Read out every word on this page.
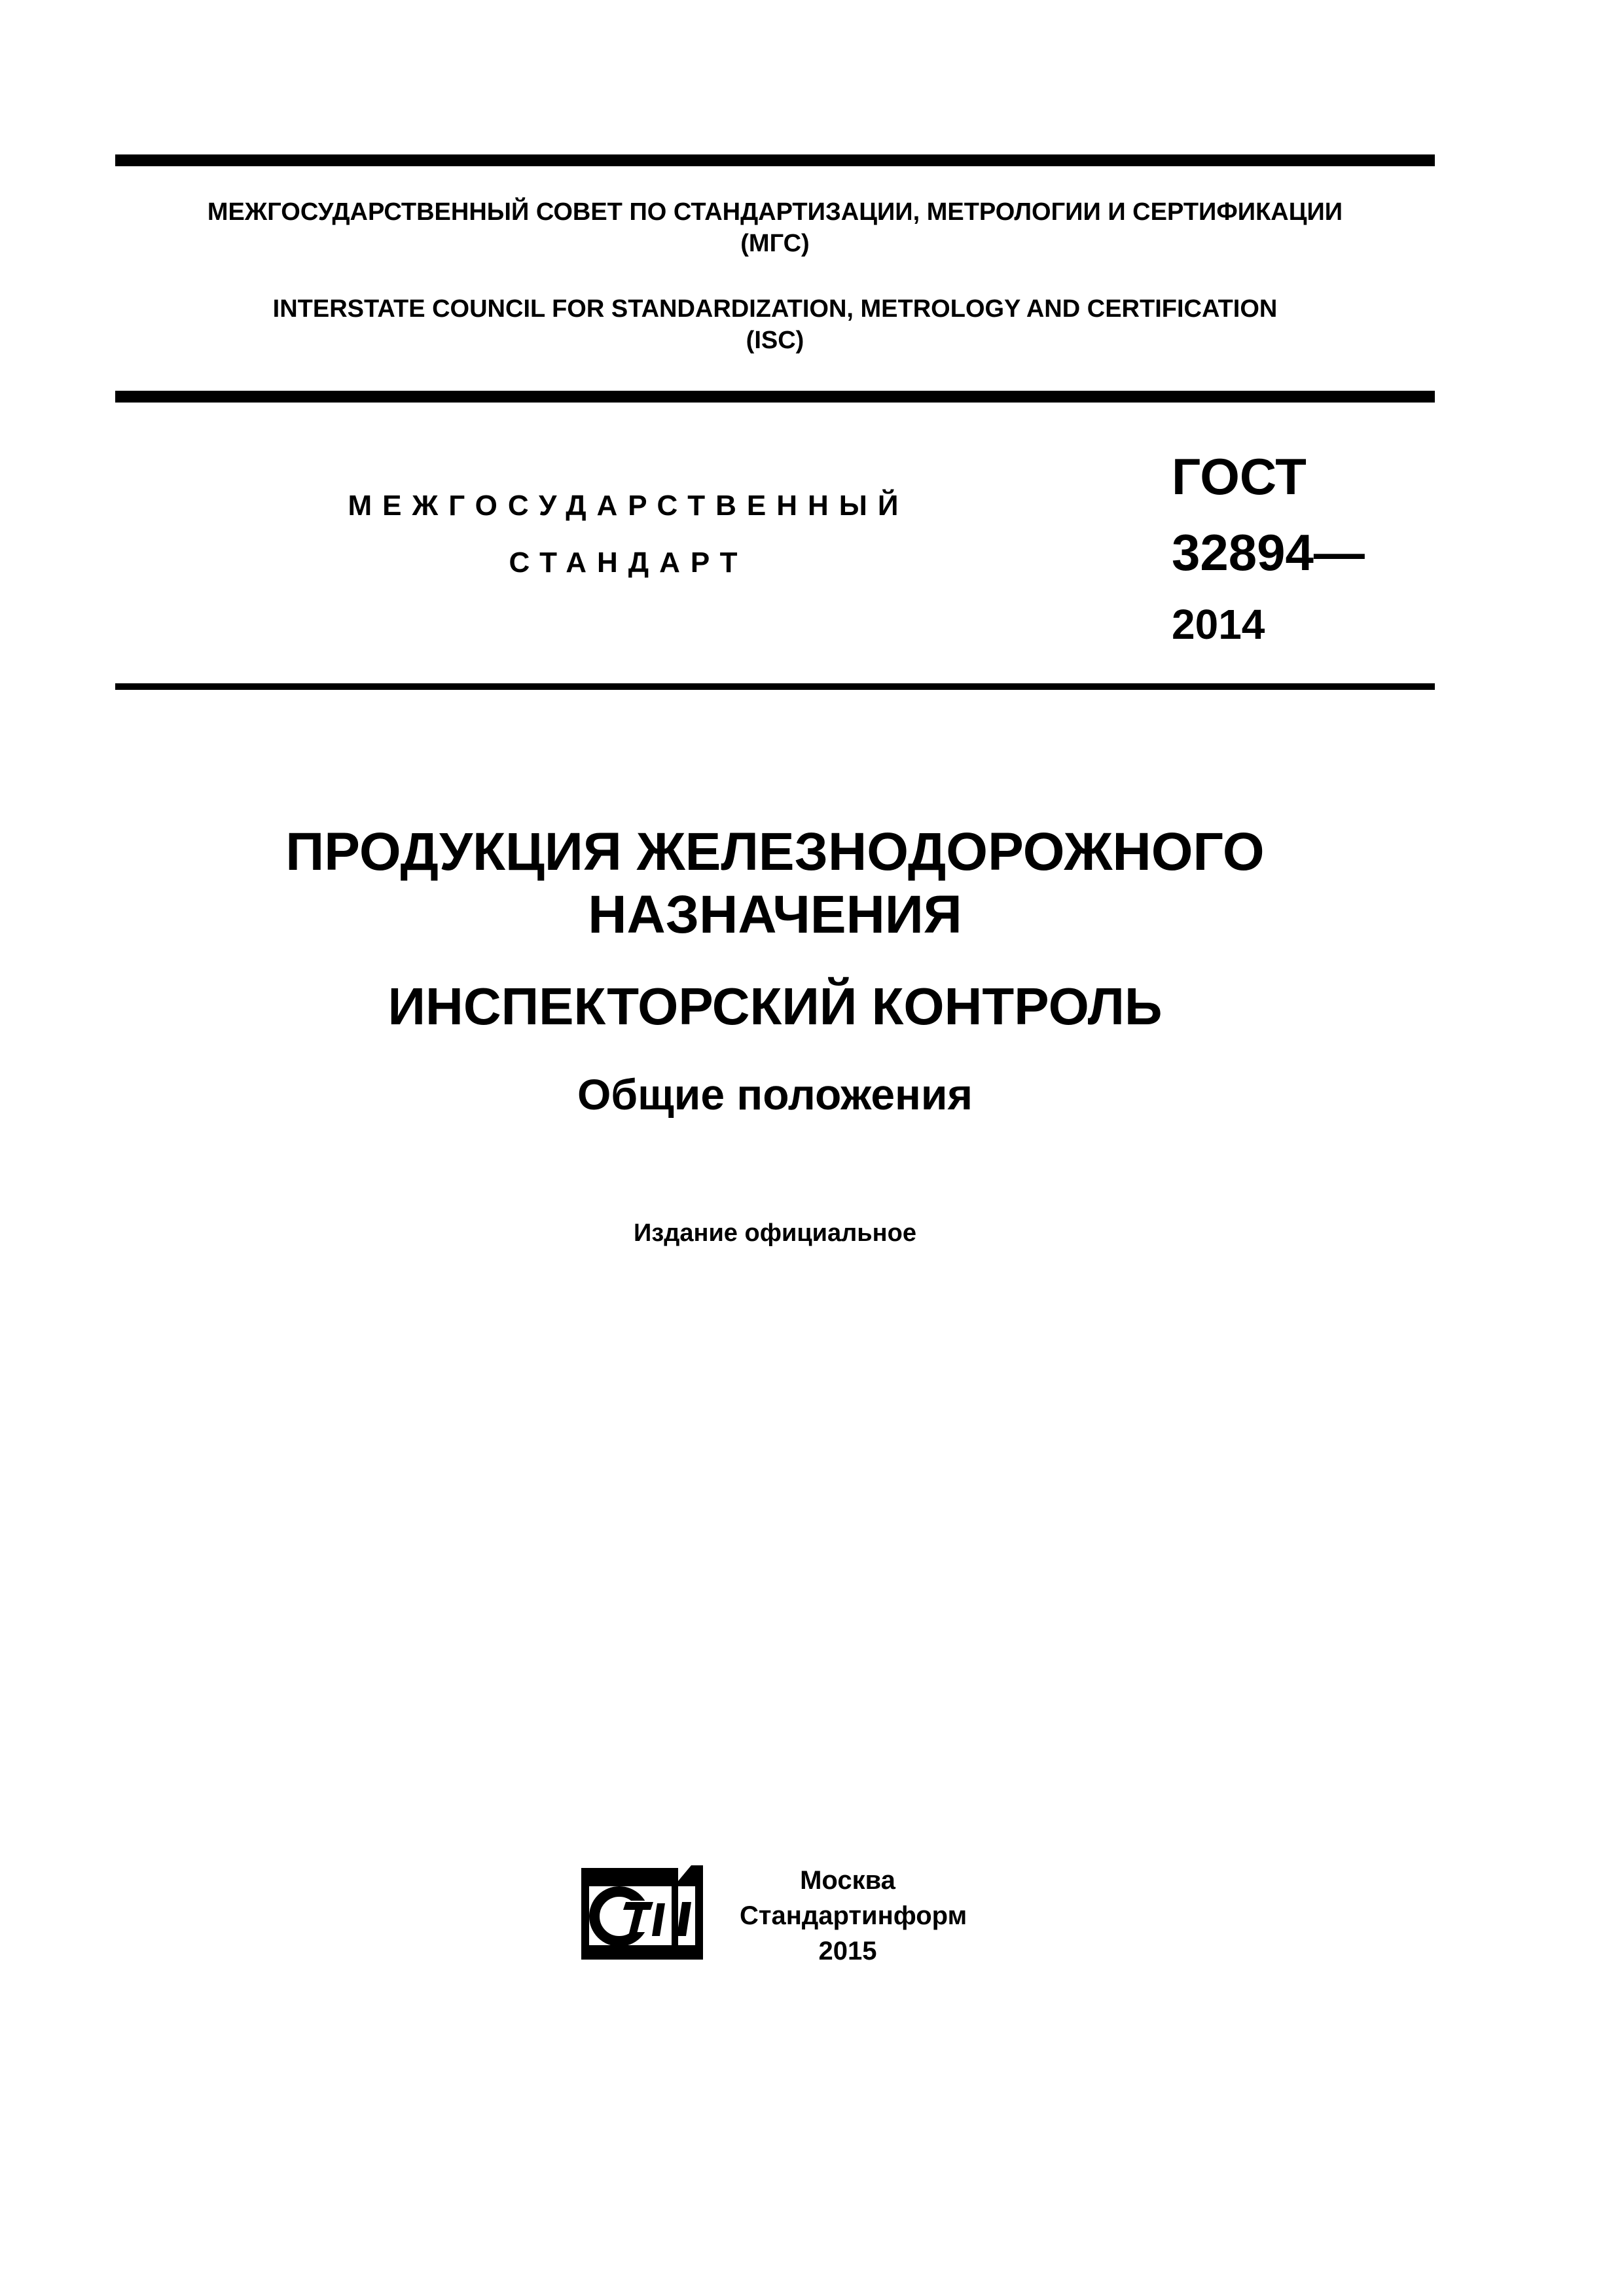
МЕЖГОСУДАРСТВЕННЫЙ СОВЕТ ПО СТАНДАРТИЗАЦИИ, МЕТРОЛОГИИ И СЕРТИФИКАЦИИ
(МГС)
INTERSTATE COUNCIL FOR STANDARDIZATION, METROLOGY AND CERTIFICATION
(ISC)
МЕЖГОСУДАРСТВЕННЫЙ
СТАНДАРТ
ГОСТ
32894—
2014
ПРОДУКЦИЯ ЖЕЛЕЗНОДОРОЖНОГО
НАЗНАЧЕНИЯ
ИНСПЕКТОРСКИЙ КОНТРОЛЬ
Общие положения
Издание официальное
Москва
Стандартинформ
2015
